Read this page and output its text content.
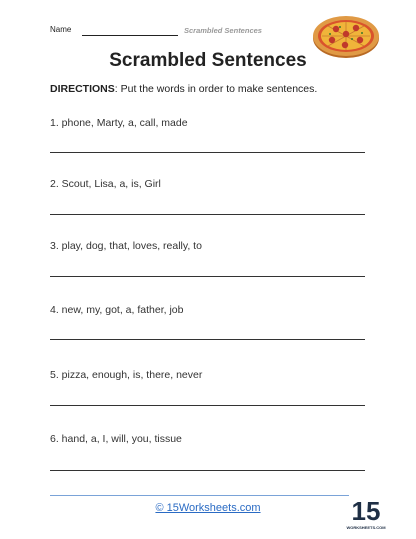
Name	Scrambled Sentences
Scrambled Sentences
DIRECTIONS: Put the words in order to make sentences.
1. phone, Marty, a, call, made
2. Scout, Lisa, a, is, Girl
3. play, dog, that, loves, really, to
4. new, my, got, a, father, job
5. pizza, enough, is, there, never
6. hand, a, I, will, you, tissue
© 15Worksheets.com	15
WORKSHEETS.COM
